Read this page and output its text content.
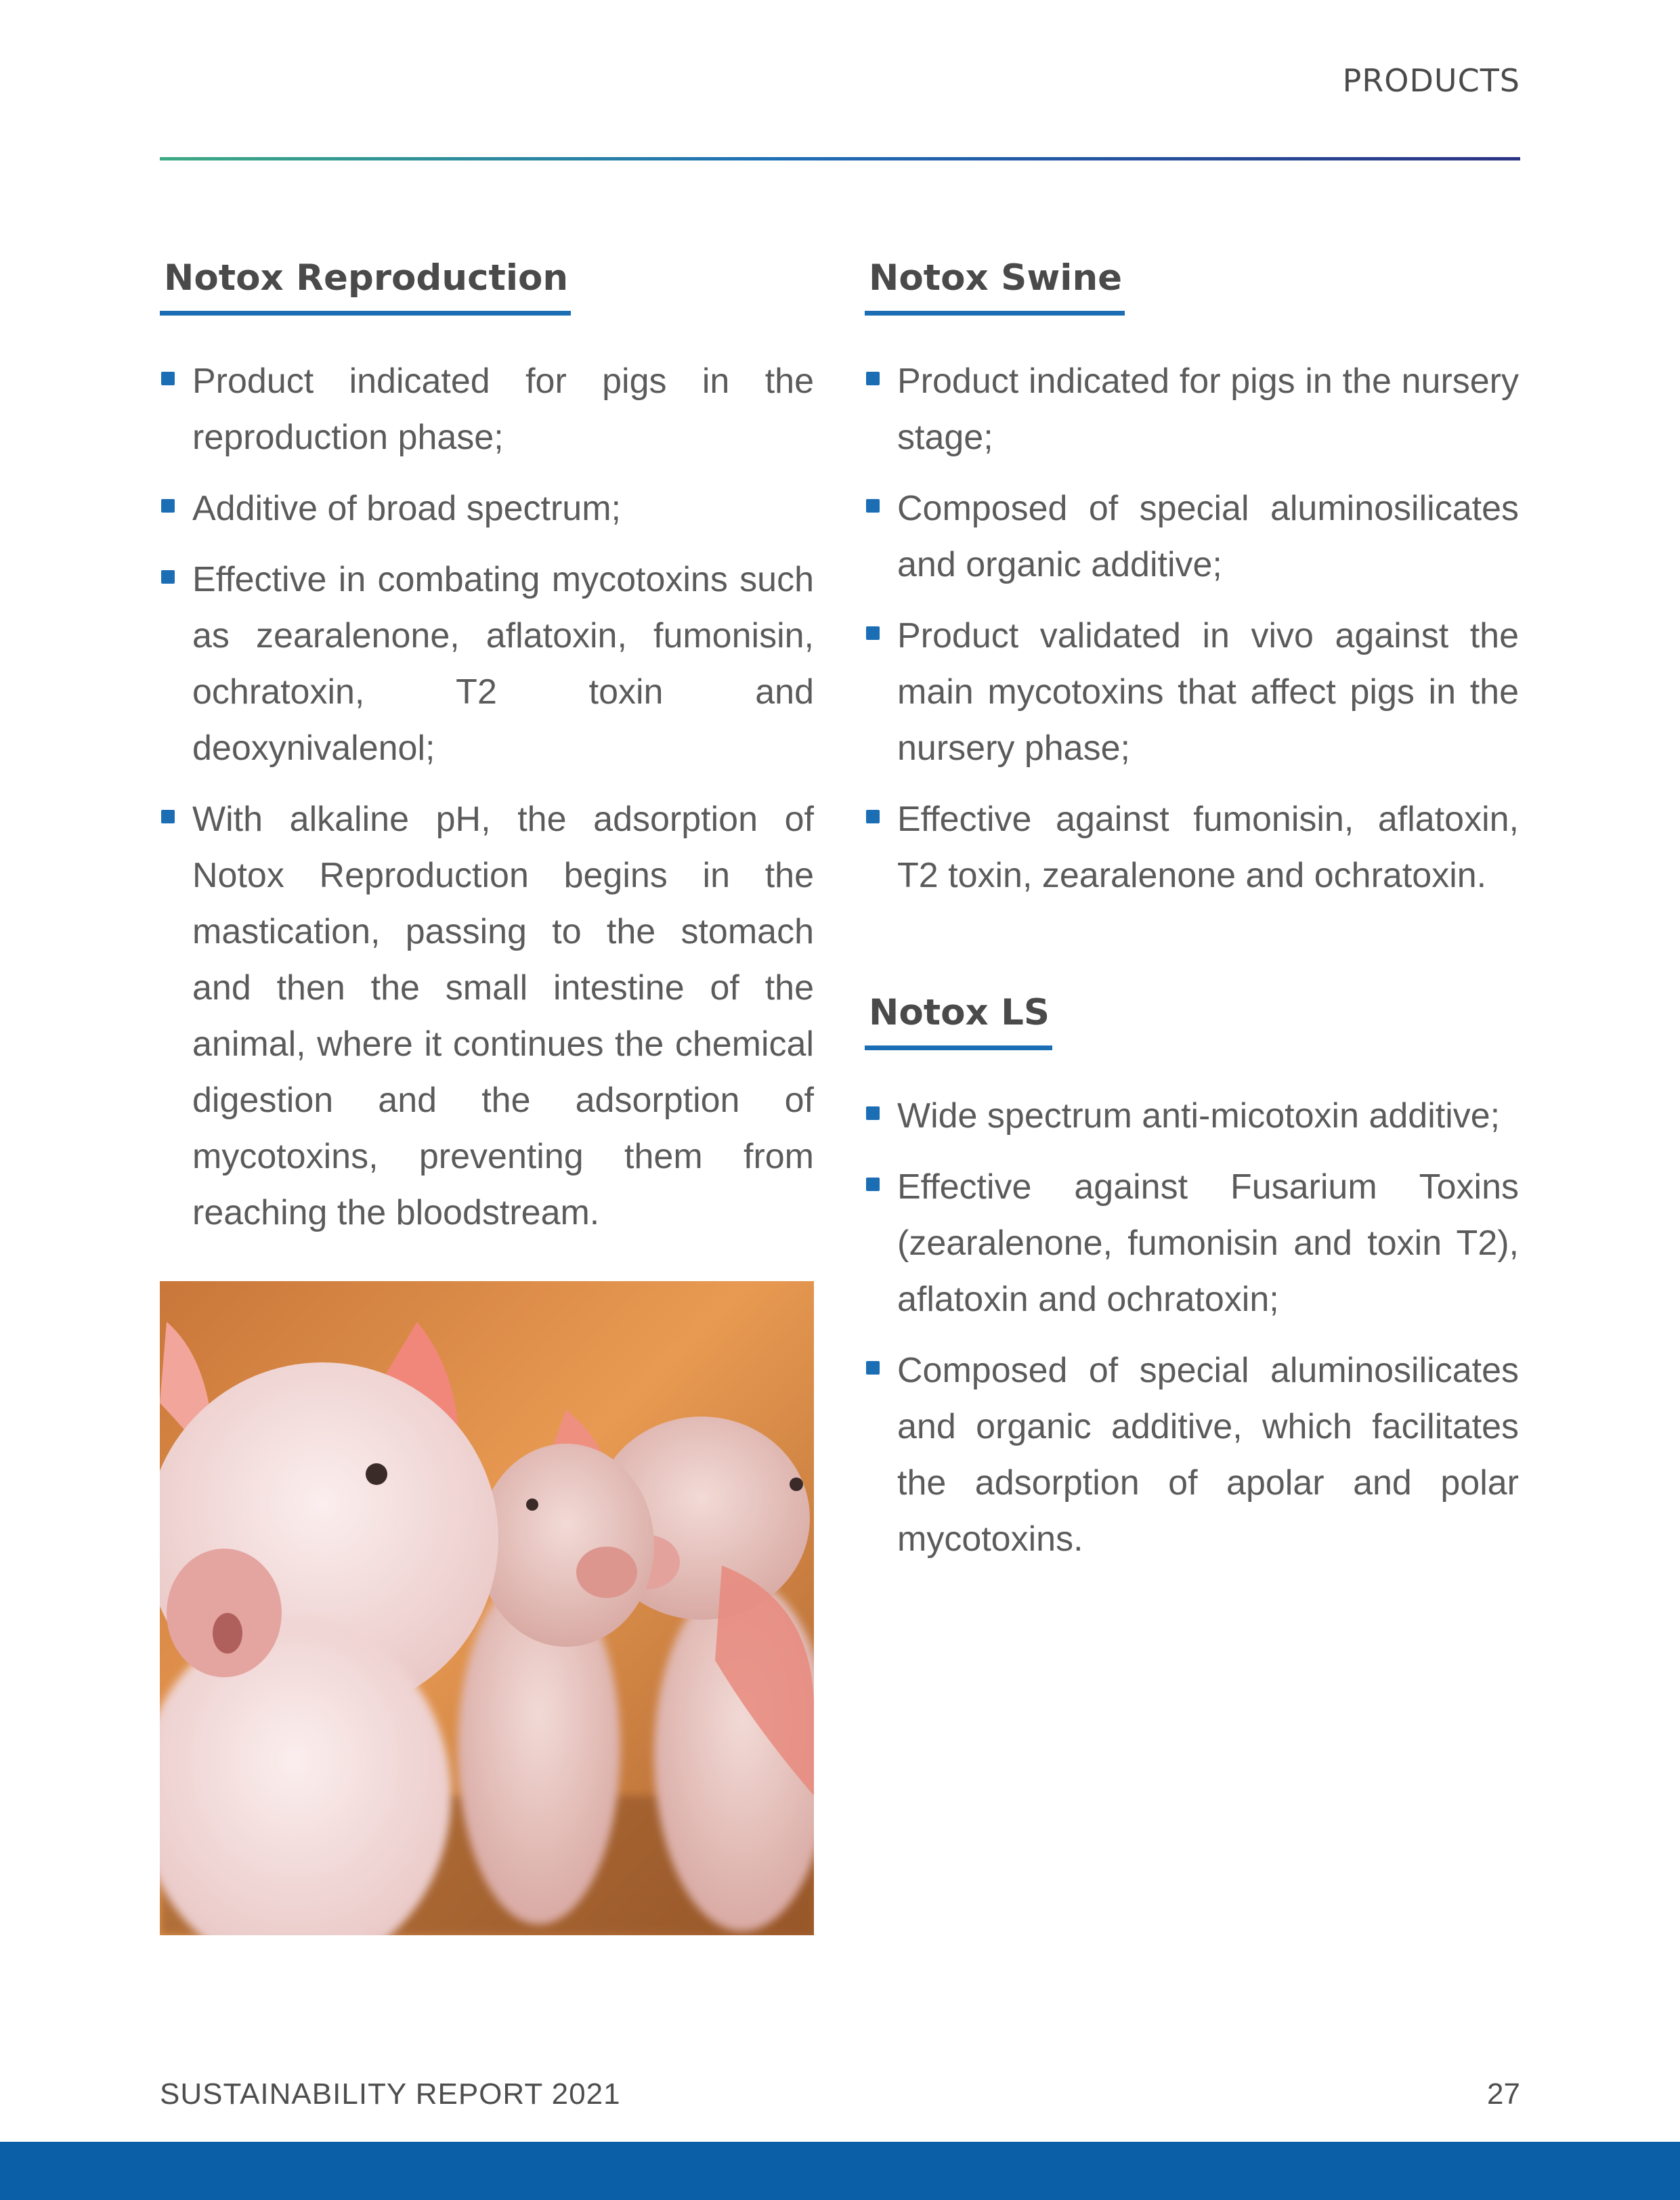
PRODUCTS
Notox Reproduction
Product indicated for pigs in the reproduction phase;
Additive of broad spectrum;
Effective in combating mycotoxins such as zearalenone, aflatoxin, fumonisin, ochratoxin, T2 toxin and deoxynivalenol;
With alkaline pH, the adsorption of Notox Reproduction begins in the mastication, passing to the stomach and then the small intestine of the animal, where it continues the chemical digestion and the adsorption of mycotoxins, preventing them from reaching the bloodstream.
Notox Swine
Product indicated for pigs in the nursery stage;
Composed of special aluminosilicates and organic additive;
Product validated in vivo against the main mycotoxins that affect pigs in the nursery phase;
Effective against fumonisin, aflatoxin, T2 toxin, zearalenone and ochratoxin.
Notox LS
Wide spectrum anti-micotoxin additive;
Effective against Fusarium Toxins (zearalenone, fumonisin and toxin T2), aflatoxin and ochratoxin;
Composed of special aluminosilicates and organic additive, which facilitates the adsorption of apolar and polar mycotoxins.
SUSTAINABILITY REPORT 2021	27
